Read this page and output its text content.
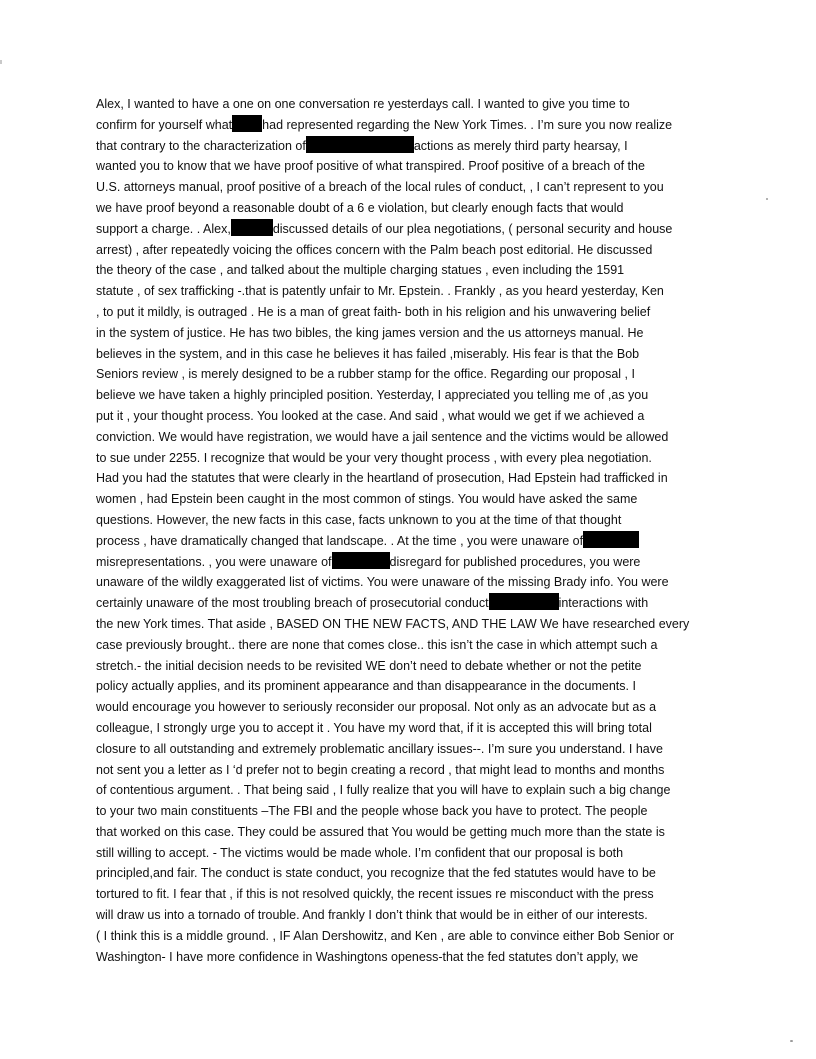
Alex, I wanted to have a one on one conversation re yesterdays call. I wanted to give you time to
confirm for yourself what had represented regarding the New York Times. . I’m sure you now realize
that contrary to the characterization of	actions as merely third party hearsay, I
wanted you to know that we have proof positive of what transpired. Proof positive of a breach of the
U.S. attorneys manual, proof positive of a breach of the local rules of conduct, , I can’t represent to you
we have proof beyond a reasonable doubt of a 6 e violation, but clearly enough facts that would
support a charge. . Alex,	discussed details of our plea negotiations, ( personal security and house
arrest) , after repeatedly voicing the offices concern with the Palm beach post editorial. He discussed
the theory of the case , and talked about the multiple charging statues , even including the 1591
statute , of sex trafficking -.that is patently unfair to Mr. Epstein. . Frankly , as you heard yesterday, Ken
, to put it mildly, is outraged . He is a man of great faith- both in his religion and his unwavering belief
in the system of justice. He has two bibles, the king james version and the us attorneys manual. He
believes in the system, and in this case he believes it has failed ,miserably. His fear is that the Bob
Seniors review , is merely designed to be a rubber stamp for the office. Regarding our proposal , I
believe we have taken a highly principled position. Yesterday, I appreciated you telling me of ,as you
put it , your thought process. You looked at the case. And said , what would we get if we achieved a
conviction. We would have registration, we would have a jail sentence and the victims would be allowed
to sue under 2255. I recognize that would be your very thought process , with every plea negotiation.
Had you had the statutes that were clearly in the heartland of prosecution, Had Epstein had trafficked in
women , had Epstein been caught in the most common of stings. You would have asked the same
questions. However, the new facts in this case, facts unknown to you at the time of that thought
process , have dramatically changed that landscape. . At the time , you were unaware of
misrepresentations. , you were unaware of	disregard for published procedures, you were
unaware of the wildly exaggerated list of victims. You were unaware of the missing Brady info. You were
certainly unaware of the most troubling breach of prosecutorial conduct	interactions with
the new York times. That aside , BASED ON THE NEW FACTS, AND THE LAW We have researched every
case previously brought.. there are none that comes close.. this isn’t the case in which attempt such a
stretch.- the initial decision needs to be revisited WE don’t need to debate whether or not the petite
policy actually applies, and its prominent appearance and than disappearance in the documents. I
would encourage you however to seriously reconsider our proposal. Not only as an advocate but as a
colleague, I strongly urge you to accept it . You have my word that, if it is accepted this will bring total
closure to all outstanding and extremely problematic ancillary issues--. I’m sure you understand. I have
not sent you a letter as I ‘d prefer not to begin creating a record , that might lead to months and months
of contentious argument. . That being said , I fully realize that you will have to explain such a big change
to your two main constituents –The FBI and the people whose back you have to protect. The people
that worked on this case. They could be assured that You would be getting much more than the state is
still willing to accept. - The victims would be made whole. I’m confident that our proposal is both
principled,and fair. The conduct is state conduct, you recognize that the fed statutes would have to be
tortured to fit. I fear that , if this is not resolved quickly, the recent issues re misconduct with the press
will draw us into a tornado of trouble. And frankly I don’t think that would be in either of our interests.
( I think this is a middle ground. , IF Alan Dershowitz, and Ken , are able to convince either Bob Senior or
Washington- I have more confidence in Washingtons openess-that the fed statutes don’t apply, we
